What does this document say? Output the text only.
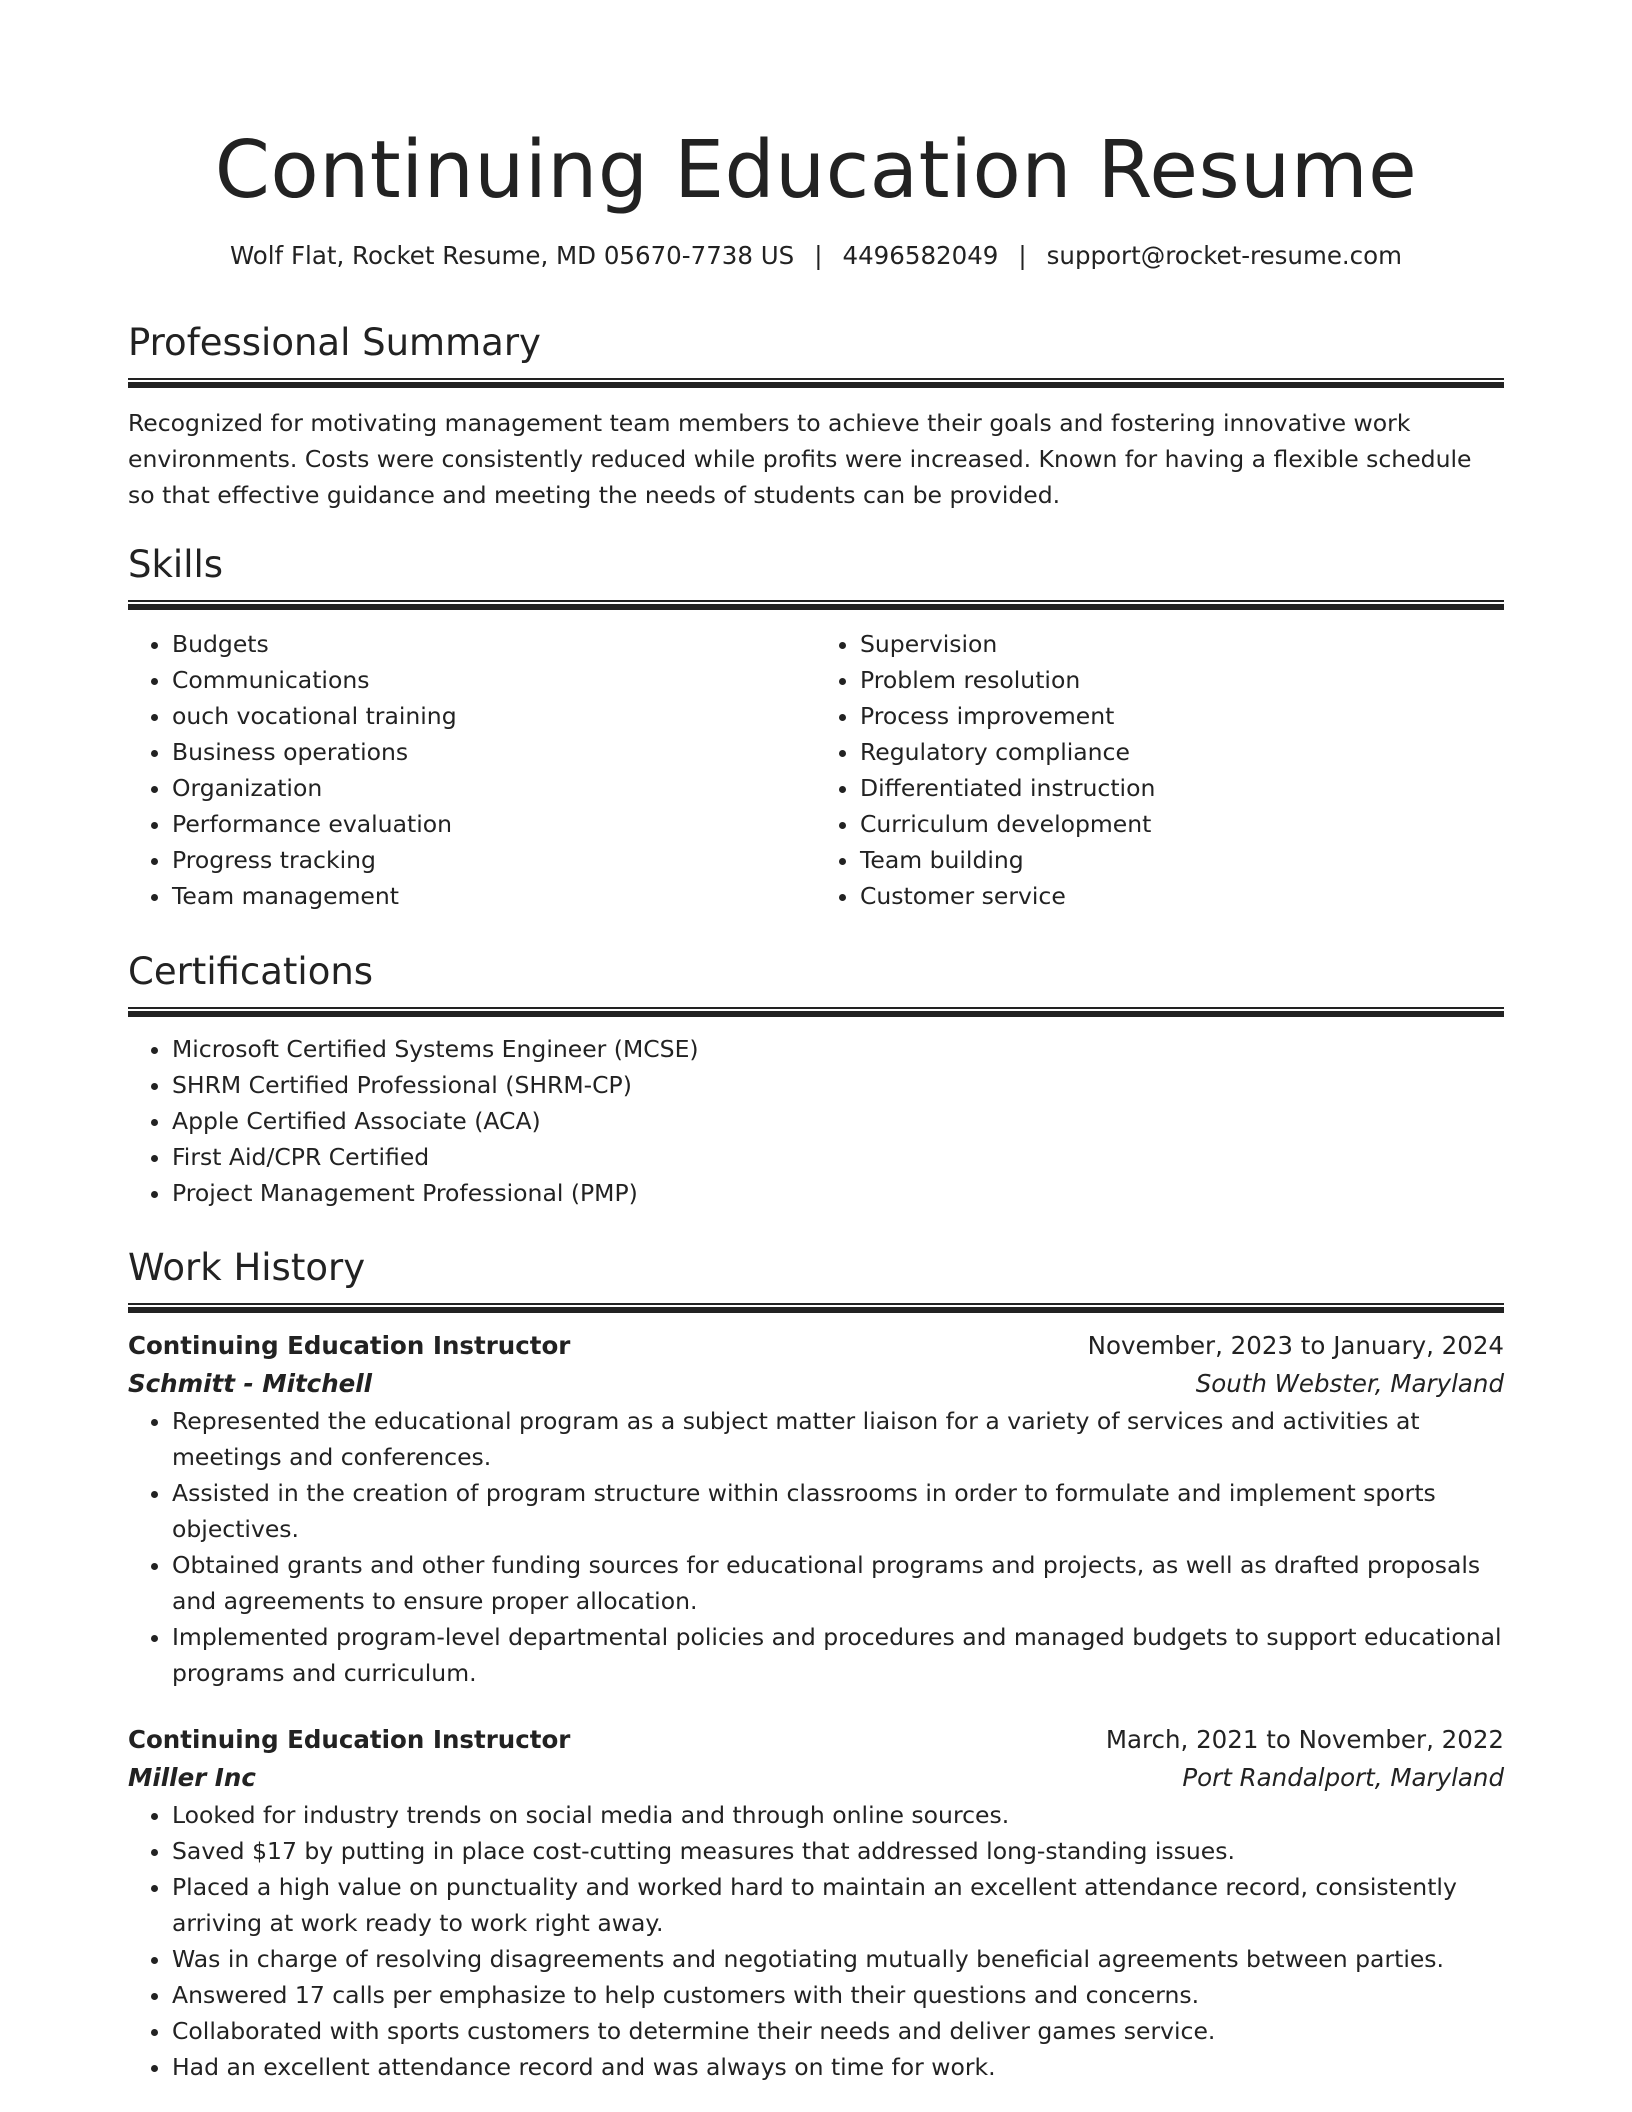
Continuing Education Resume
Wolf Flat, Rocket Resume, MD 05670-7738 US | 4496582049 | support@rocket-resume.com
Professional Summary

Recognized for motivating management team members to achieve their goals and fostering innovative work environments. Costs were consistently reduced while profits were increased. Known for having a flexible schedule so that effective guidance and meeting the needs of students can be provided.

Skills
• Budgets
• Communications
• ouch vocational training
• Business operations
• Organization
• Performance evaluation
• Progress tracking
• Team management
• Supervision
• Problem resolution
• Process improvement
• Regulatory compliance
• Differentiated instruction
• Curriculum development
• Team building
• Customer service
Certifications
• Microsoft Certified Systems Engineer (MCSE)
• SHRM Certified Professional (SHRM-CP)
• Apple Certified Associate (ACA)
• First Aid/CPR Certified
• Project Management Professional (PMP)
Work History
Continuing Education Instructor	November, 2023 to January, 2024
Schmitt - Mitchell	South Webster, Maryland
• Represented the educational program as a subject matter liaison for a variety of services and activities at meetings and conferences.
• Assisted in the creation of program structure within classrooms in order to formulate and implement sports objectives.
• Obtained grants and other funding sources for educational programs and projects, as well as drafted proposals and agreements to ensure proper allocation.
• Implemented program-level departmental policies and procedures and managed budgets to support educational programs and curriculum.
Continuing Education Instructor	March, 2021 to November, 2022
Miller Inc	Port Randalport, Maryland
• Looked for industry trends on social media and through online sources.
• Saved $17 by putting in place cost-cutting measures that addressed long-standing issues.
• Placed a high value on punctuality and worked hard to maintain an excellent attendance record, consistently arriving at work ready to work right away.
• Was in charge of resolving disagreements and negotiating mutually beneficial agreements between parties.
• Answered 17 calls per emphasize to help customers with their questions and concerns.
• Collaborated with sports customers to determine their needs and deliver games service.
• Had an excellent attendance record and was always on time for work.
